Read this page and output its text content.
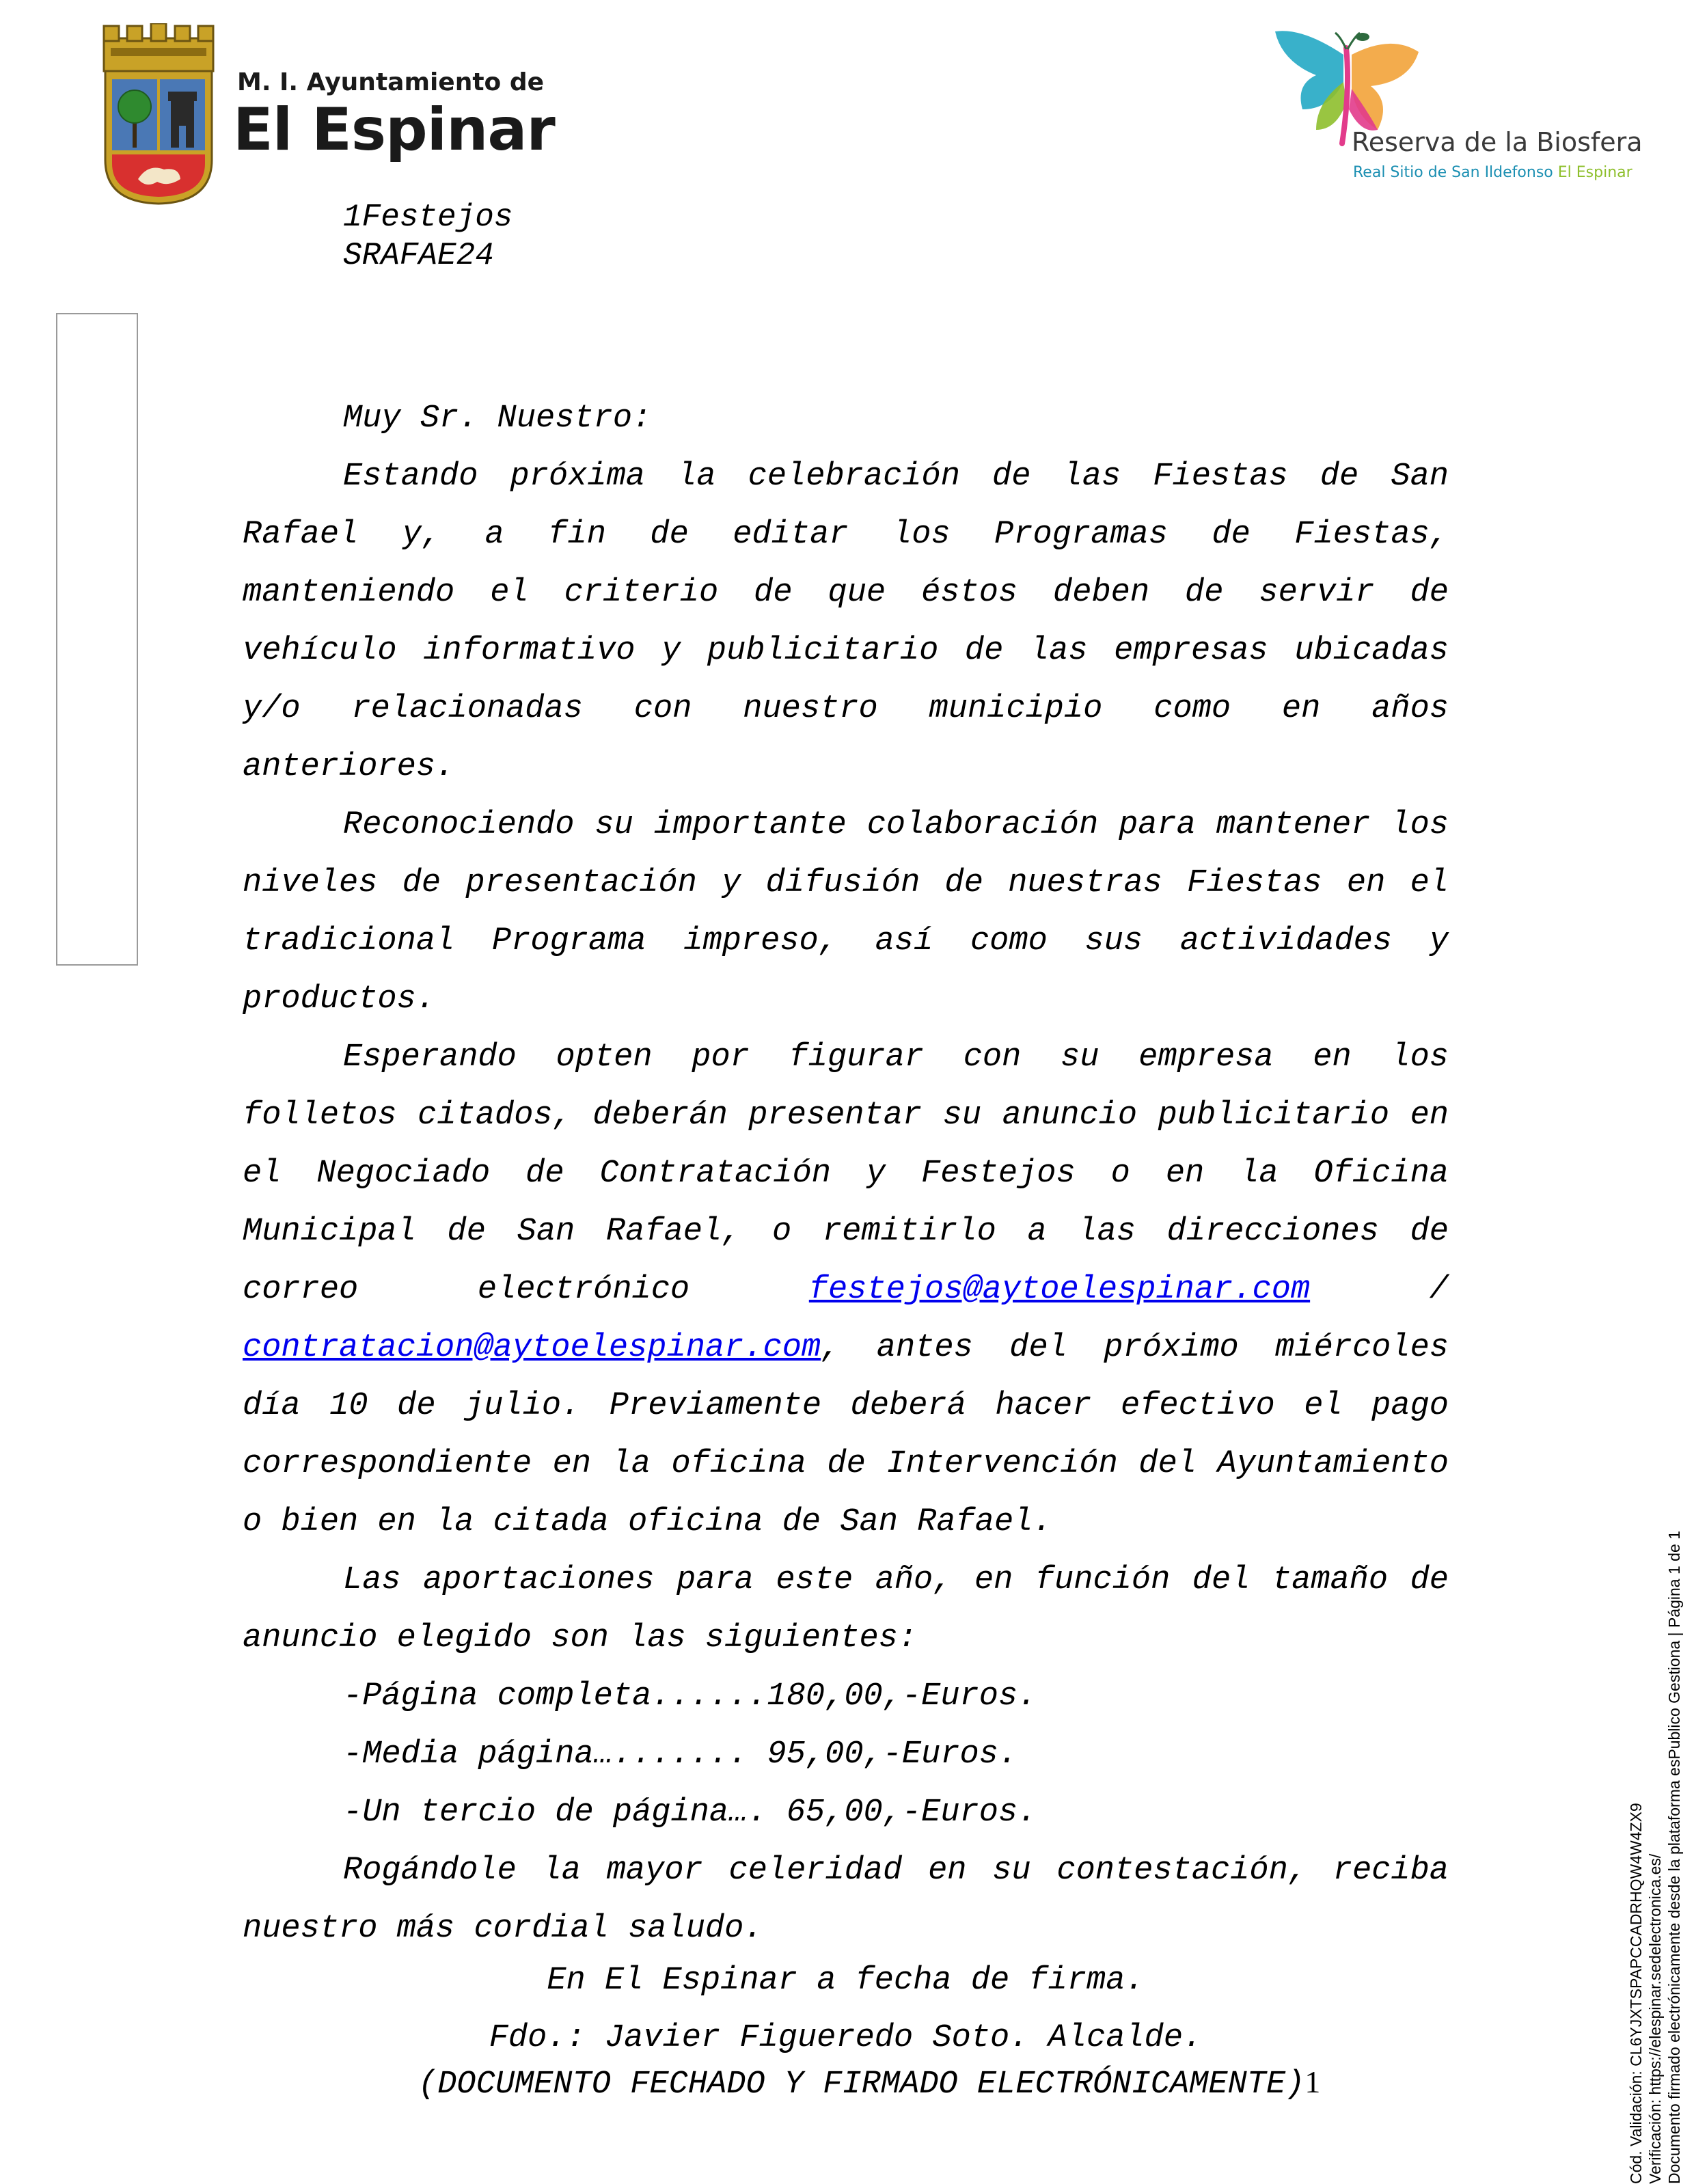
M. I. Ayuntamiento de
El Espinar	Reserva de la Biosfera
Real Sitio de San Ildefonso El Espinar
1Festejos
SRAFAE24

Muy Sr. Nuestro:

Estando próxima la celebración de las Fiestas de San Rafael y, a fin de editar los Programas de Fiestas, manteniendo el criterio de que éstos deben de servir de vehículo informativo y publicitario de las empresas ubicadas y/o relacionadas con nuestro municipio como en años anteriores.

Reconociendo su importante colaboración para mantener los niveles de presentación y difusión de nuestras Fiestas en el tradicional Programa impreso, así como sus actividades y productos.

Esperando opten por figurar con su empresa en los folletos citados, deberán presentar su anuncio publicitario en el Negociado de Contratación y Festejos o en la Oficina Municipal de San Rafael, o remitirlo a las direcciones de correo electrónico festejos@aytoelespinar.com / contratacion@aytoelespinar.com, antes del próximo miércoles día 10 de julio. Previamente deberá hacer efectivo el pago correspondiente en la oficina de Intervención del Ayuntamiento o bien en la citada oficina de San Rafael.

Las aportaciones para este año, en función del tamaño de anuncio elegido son las siguientes:

-Página completa......180,00,-Euros.

-Media página…....... 95,00,-Euros.

-Un tercio de página…. 65,00,-Euros.

Rogándole la mayor celeridad en su contestación, reciba nuestro más cordial saludo.

En El Espinar a fecha de firma.
Fdo.: Javier Figueredo Soto. Alcalde.
(DOCUMENTO FECHADO Y FIRMADO ELECTRÓNICAMENTE)1	Cód. Validación: CL6YJXTSPAPCCADRHQW4W4ZX9 Verificación: https://elespinar.sedelectronica.es/ Documento firmado electrónicamente desde la plataforma esPublico Gestiona | Página 1 de 1
